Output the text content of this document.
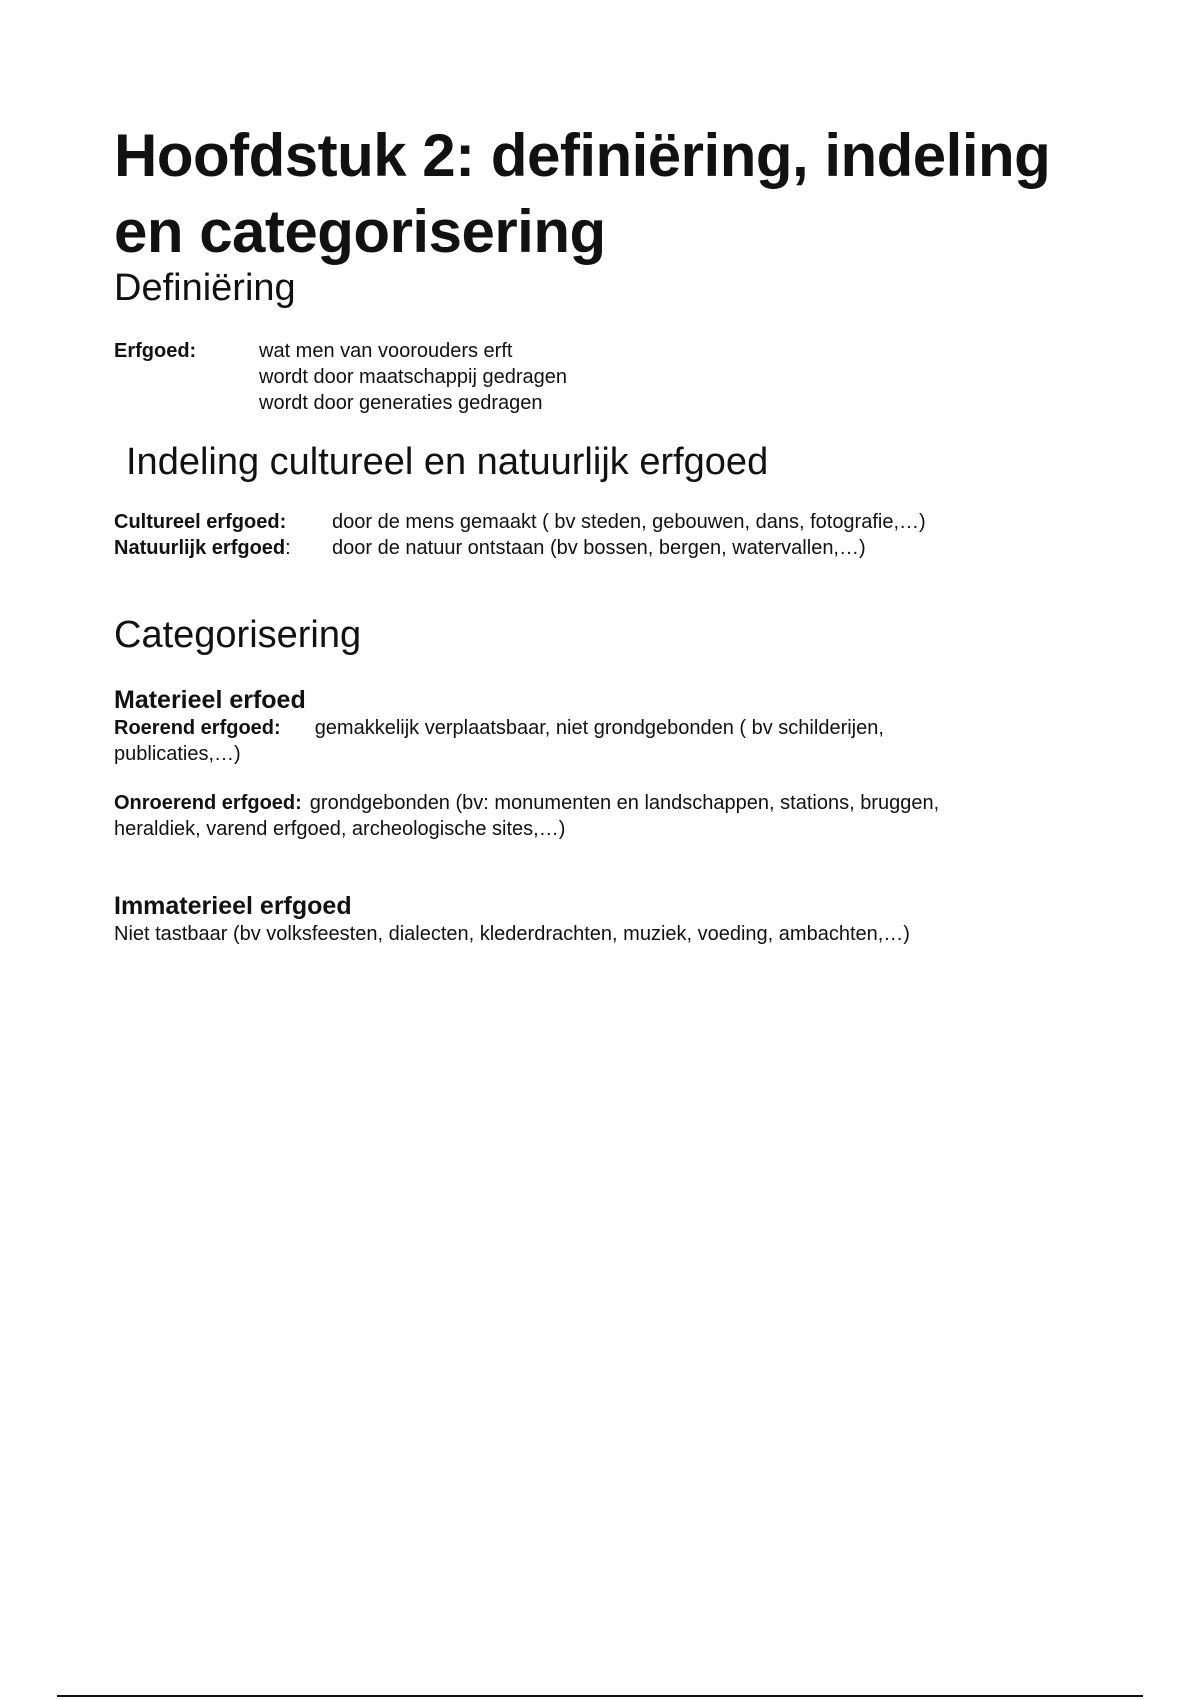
Hoofdstuk 2: definiëring, indeling en categorisering
Definiëring
Erfgoed:	wat men van voorouders erft
wordt door maatschappij gedragen
wordt door generaties gedragen
Indeling cultureel en natuurlijk erfgoed
Cultureel erfgoed: door de mens gemaakt ( bv steden, gebouwen, dans, fotografie,…)
Natuurlijk erfgoed: door de natuur ontstaan (bv bossen, bergen, watervallen,…)
Categorisering
Materieel erfoed

Roerend erfgoed: gemakkelijk verplaatsbaar, niet grondgebonden ( bv schilderijen,
publicaties,…)

Onroerend erfgoed: grondgebonden (bv: monumenten en landschappen, stations, bruggen,
heraldiek, varend erfgoed, archeologische sites,…)

Immaterieel erfgoed

Niet tastbaar (bv volksfeesten, dialecten, klederdrachten, muziek, voeding, ambachten,…)
